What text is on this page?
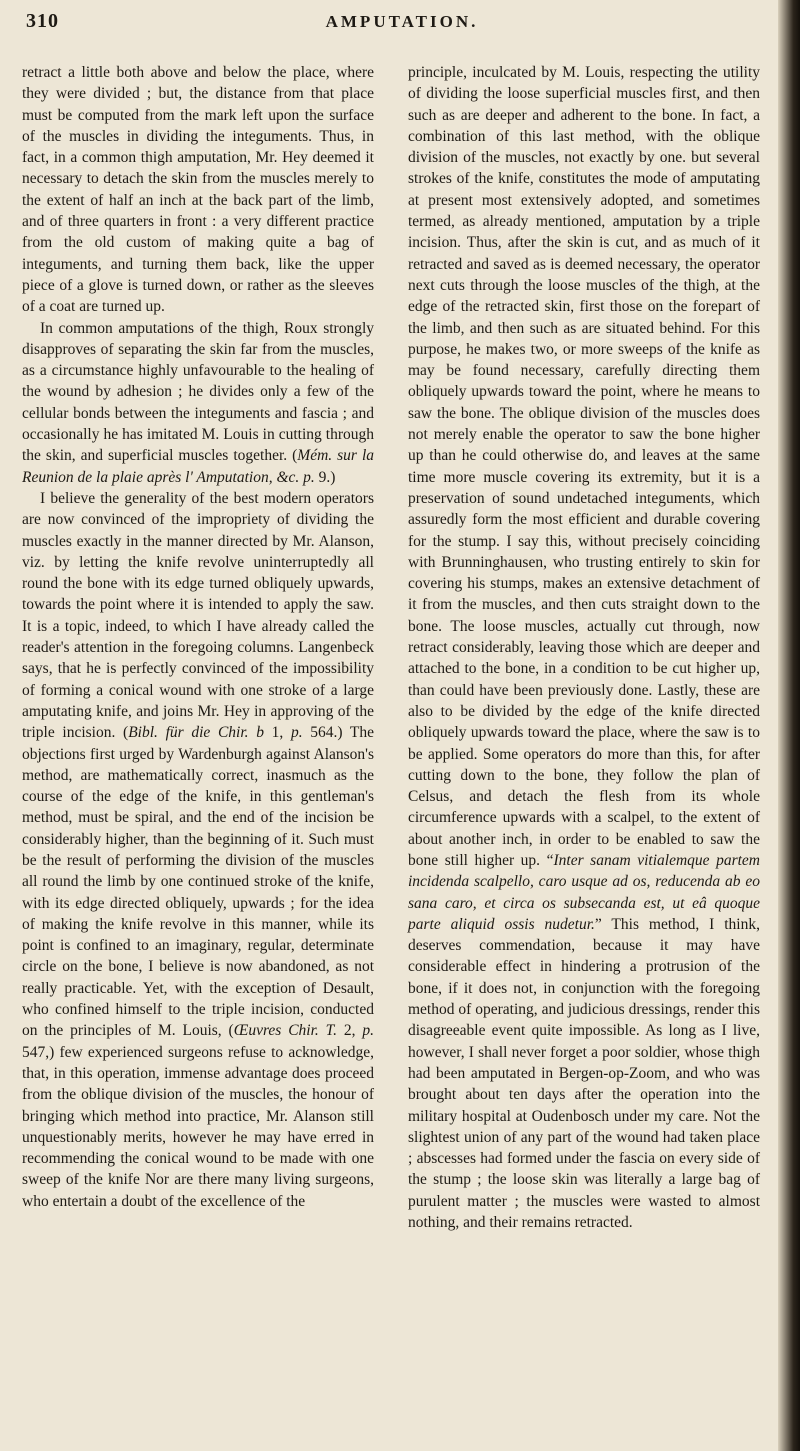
310	AMPUTATION.

retract a little both above and below the place, where they were divided ; but, the distance from that place must be computed from the mark left upon the surface of the muscles in dividing the integuments. Thus, in fact, in a common thigh amputation, Mr. Hey deemed it necessary to detach the skin from the muscles merely to the extent of half an inch at the back part of the limb, and of three quarters in front : a very different practice from the old custom of making quite a bag of integuments, and turning them back, like the upper piece of a glove is turned down, or rather as the sleeves of a coat are turned up.

In common amputations of the thigh, Roux strongly disapproves of separating the skin far from the muscles, as a circumstance highly unfavourable to the healing of the wound by adhesion ; he divides only a few of the cellular bonds between the integuments and fascia ; and occasionally he has imitated M. Louis in cutting through the skin, and superficial muscles together. (Mém. sur la Reunion de la plaie après l' Amputation, &c. p. 9.)

I believe the generality of the best modern operators are now convinced of the impropriety of dividing the muscles exactly in the manner directed by Mr. Alanson, viz. by letting the knife revolve uninterruptedly all round the bone with its edge turned obliquely upwards, towards the point where it is intended to apply the saw. It is a topic, indeed, to which I have already called the reader's attention in the foregoing columns. Langenbeck says, that he is perfectly convinced of the impossibility of forming a conical wound with one stroke of a large amputating knife, and joins Mr. Hey in approving of the triple incision. (Bibl. für die Chir. b 1, p. 564.) The objections first urged by Wardenburgh against Alanson's method, are mathematically correct, inasmuch as the course of the edge of the knife, in this gentleman's method, must be spiral, and the end of the incision be considerably higher, than the beginning of it. Such must be the result of performing the division of the muscles all round the limb by one continued stroke of the knife, with its edge directed obliquely, upwards ; for the idea of making the knife revolve in this manner, while its point is confined to an imaginary, regular, determinate circle on the bone, I believe is now abandoned, as not really practicable. Yet, with the exception of Desault, who confined himself to the triple incision, conducted on the principles of M. Louis, (Œuvres Chir. T. 2, p. 547,) few experienced surgeons refuse to acknowledge, that, in this operation, immense advantage does proceed from the oblique division of the muscles, the honour of bringing which method into practice, Mr. Alanson still unquestionably merits, however he may have erred in recommending the conical wound to be made with one sweep of the knife Nor are there many living surgeons, who entertain a doubt of the excellence of the

principle, inculcated by M. Louis, respecting the utility of dividing the loose superficial muscles first, and then such as are deeper and adherent to the bone. In fact, a combination of this last method, with the oblique division of the muscles, not exactly by one. but several strokes of the knife, constitutes the mode of amputating at present most extensively adopted, and sometimes termed, as already mentioned, amputation by a triple incision. Thus, after the skin is cut, and as much of it retracted and saved as is deemed necessary, the operator next cuts through the loose muscles of the thigh, at the edge of the retracted skin, first those on the forepart of the limb, and then such as are situated behind. For this purpose, he makes two, or more sweeps of the knife as may be found necessary, carefully directing them obliquely upwards toward the point, where he means to saw the bone. The oblique division of the muscles does not merely enable the operator to saw the bone higher up than he could otherwise do, and leaves at the same time more muscle covering its extremity, but it is a preservation of sound undetached integuments, which assuredly form the most efficient and durable covering for the stump. I say this, without precisely coinciding with Brunninghausen, who trusting entirely to skin for covering his stumps, makes an extensive detachment of it from the muscles, and then cuts straight down to the bone. The loose muscles, actually cut through, now retract considerably, leaving those which are deeper and attached to the bone, in a condition to be cut higher up, than could have been previously done. Lastly, these are also to be divided by the edge of the knife directed obliquely upwards toward the place, where the saw is to be applied. Some operators do more than this, for after cutting down to the bone, they follow the plan of Celsus, and detach the flesh from its whole circumference upwards with a scalpel, to the extent of about another inch, in order to be enabled to saw the bone still higher up. “Inter sanam vitialemque partem incidenda scalpello, caro usque ad os, reducenda ab eo sana caro, et circa os subsecanda est, ut eâ quoque parte aliquid ossis nudetur.” This method, I think, deserves commendation, because it may have considerable effect in hindering a protrusion of the bone, if it does not, in conjunction with the foregoing method of operating, and judicious dressings, render this disagreeable event quite impossible. As long as I live, however, I shall never forget a poor soldier, whose thigh had been amputated in Bergen-op-Zoom, and who was brought about ten days after the operation into the military hospital at Oudenbosch under my care. Not the slightest union of any part of the wound had taken place ; abscesses had formed under the fascia on every side of the stump ; the loose skin was literally a large bag of purulent matter ; the muscles were wasted to almost nothing, and their remains retracted.
